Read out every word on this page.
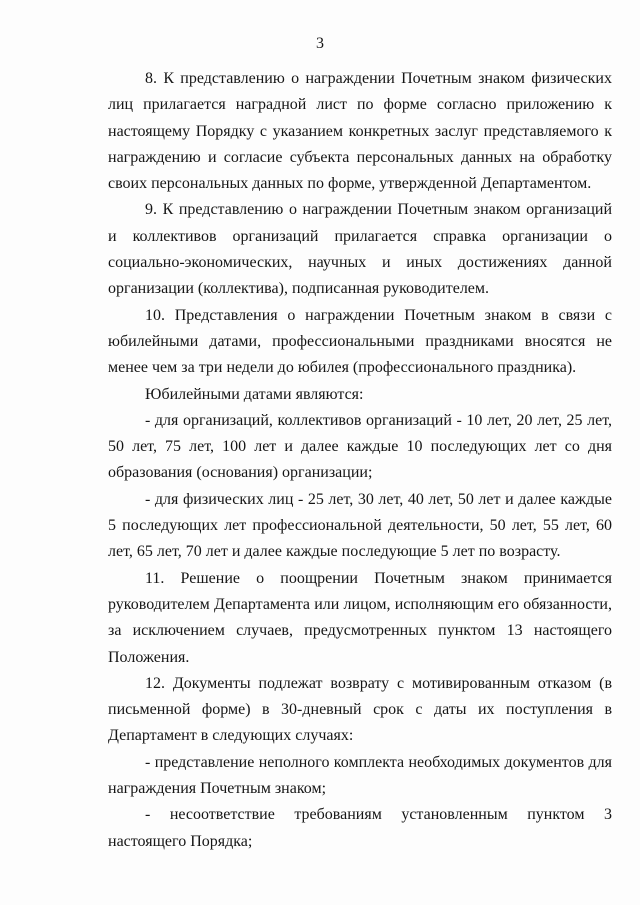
3

8. К представлению о награждении Почетным знаком физических лиц прилагается наградной лист по форме согласно приложению к настоящему Порядку с указанием конкретных заслуг представляемого к награждению и согласие субъекта персональных данных на обработку своих персональных данных по форме, утвержденной Департаментом.

9. К представлению о награждении Почетным знаком организаций и коллективов организаций прилагается справка организации о социально-экономических, научных и иных достижениях данной организации (коллектива), подписанная руководителем.

10. Представления о награждении Почетным знаком в связи с юбилейными датами, профессиональными праздниками вносятся не менее чем за три недели до юбилея (профессионального праздника).

Юбилейными датами являются:

- для организаций, коллективов организаций - 10 лет, 20 лет, 25 лет, 50 лет, 75 лет, 100 лет и далее каждые 10 последующих лет со дня образования (основания) организации;

- для физических лиц - 25 лет, 30 лет, 40 лет, 50 лет и далее каждые 5 последующих лет профессиональной деятельности, 50 лет, 55 лет, 60 лет, 65 лет, 70 лет и далее каждые последующие 5 лет по возрасту.

11. Решение о поощрении Почетным знаком принимается руководителем Департамента или лицом, исполняющим его обязанности, за исключением случаев, предусмотренных пунктом 13 настоящего Положения.

12. Документы подлежат возврату с мотивированным отказом (в письменной форме) в 30-дневный срок с даты их поступления в Департамент в следующих случаях:

- представление неполного комплекта необходимых документов для награждения Почетным знаком;

- несоответствие требованиям установленным пунктом 3 настоящего Порядка;
